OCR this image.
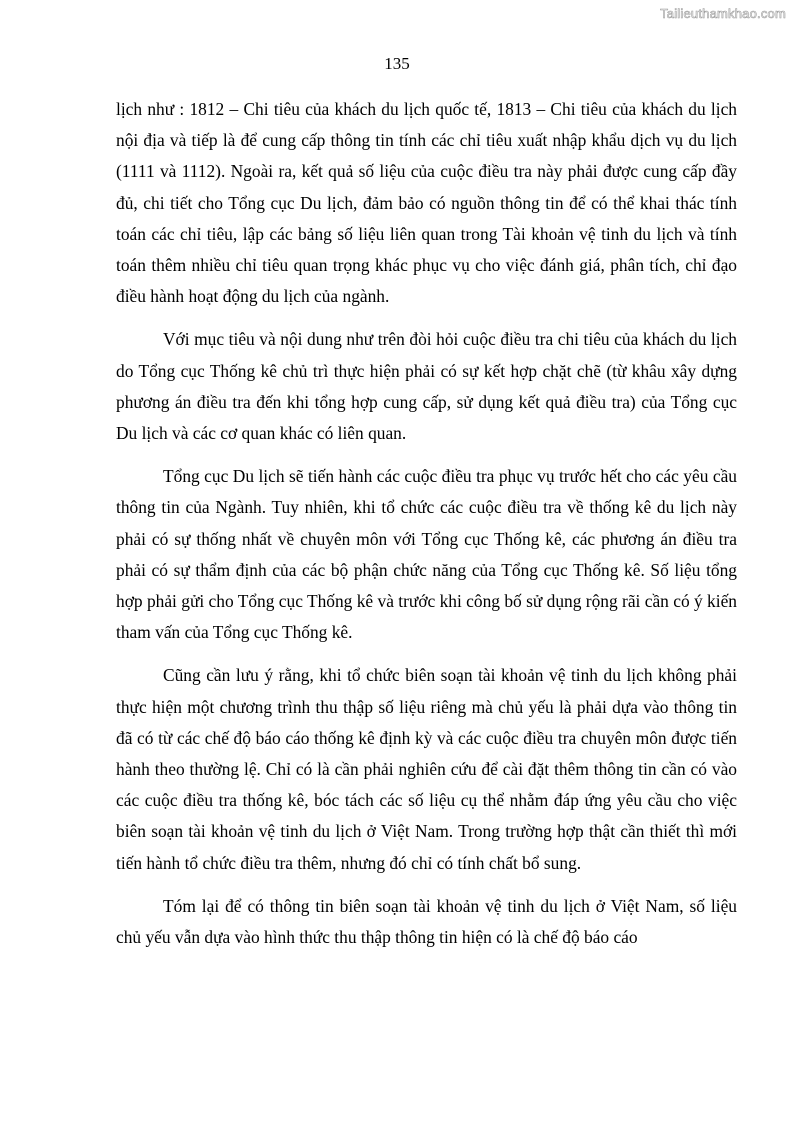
Tailieuthamkhao.com
135

lịch như : 1812 – Chi tiêu của khách du lịch quốc tế, 1813 – Chi tiêu của khách du lịch nội địa và tiếp là để cung cấp thông tin tính các chỉ tiêu xuất nhập khẩu dịch vụ du lịch (1111 và 1112). Ngoài ra, kết quả số liệu của cuộc điều tra này phải được cung cấp đầy đủ, chi tiết cho Tổng cục Du lịch, đảm bảo có nguồn thông tin để có thể khai thác tính toán các chỉ tiêu, lập các bảng số liệu liên quan trong Tài khoản vệ tinh du lịch và tính toán thêm nhiều chỉ tiêu quan trọng khác phục vụ cho việc đánh giá, phân tích, chỉ đạo điều hành hoạt động du lịch của ngành.

Với mục tiêu và nội dung như trên đòi hỏi cuộc điều tra chi tiêu của khách du lịch do Tổng cục Thống kê chủ trì thực hiện phải có sự kết hợp chặt chẽ (từ khâu xây dựng phương án điều tra đến khi tổng hợp cung cấp, sử dụng kết quả điều tra) của Tổng cục Du lịch và các cơ quan khác có liên quan.

Tổng cục Du lịch sẽ tiến hành các cuộc điều tra phục vụ trước hết cho các yêu cầu thông tin của Ngành. Tuy nhiên, khi tổ chức các cuộc điều tra về thống kê du lịch này phải có sự thống nhất về chuyên môn với Tổng cục Thống kê, các phương án điều tra phải có sự thẩm định của các bộ phận chức năng của Tổng cục Thống kê. Số liệu tổng hợp phải gửi cho Tổng cục Thống kê và trước khi công bố sử dụng rộng rãi cần có ý kiến tham vấn của Tổng cục Thống kê.

Cũng cần lưu ý rằng, khi tổ chức biên soạn tài khoản vệ tinh du lịch không phải thực hiện một chương trình thu thập số liệu riêng mà chủ yếu là phải dựa vào thông tin đã có từ các chế độ báo cáo thống kê định kỳ và các cuộc điều tra chuyên môn được tiến hành theo thường lệ. Chỉ có là cần phải nghiên cứu để cài đặt thêm thông tin cần có vào các cuộc điều tra thống kê, bóc tách các số liệu cụ thể nhằm đáp ứng yêu cầu cho việc biên soạn tài khoản vệ tinh du lịch ở Việt Nam. Trong trường hợp thật cần thiết thì mới tiến hành tổ chức điều tra thêm, nhưng đó chỉ có tính chất bổ sung.

Tóm lại để có thông tin biên soạn tài khoản vệ tinh du lịch ở Việt Nam, số liệu chủ yếu vẫn dựa vào hình thức thu thập thông tin hiện có là chế độ báo cáo
